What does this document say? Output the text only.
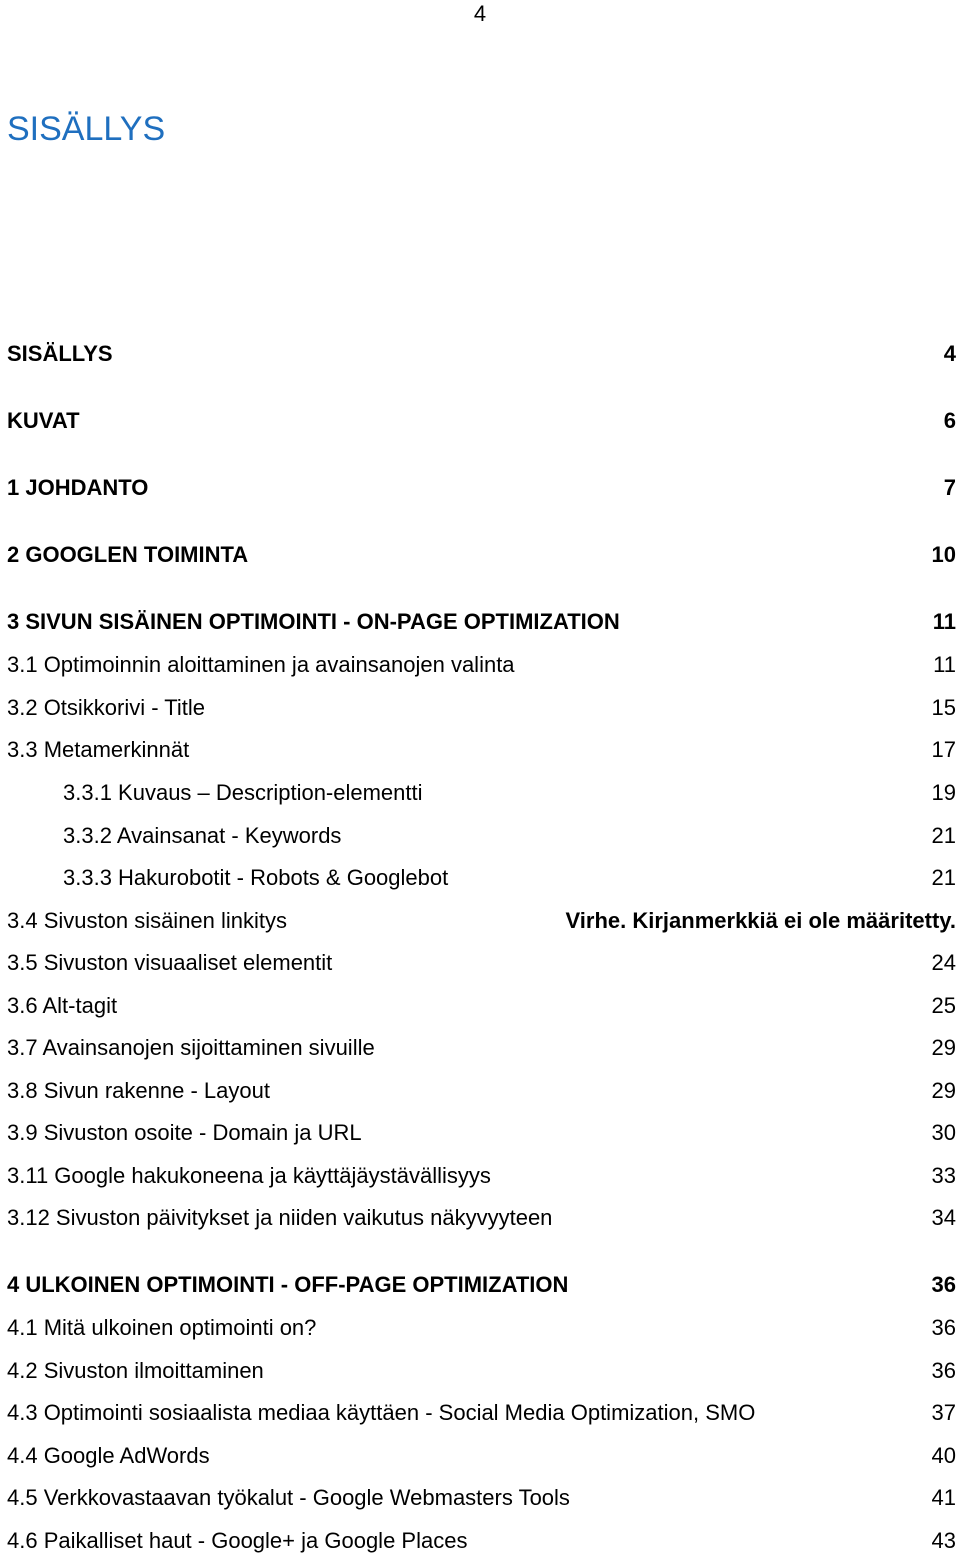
4
SISÄLLYS
SISÄLLYS	4
KUVAT	6
1 JOHDANTO	7
2 GOOGLEN TOIMINTA	10
3 SIVUN SISÄINEN OPTIMOINTI - ON-PAGE OPTIMIZATION	11
3.1 Optimoinnin aloittaminen ja avainsanojen valinta	11
3.2 Otsikkorivi - Title	15
3.3 Metamerkinnät	17
3.3.1 Kuvaus – Description-elementti	19
3.3.2 Avainsanat - Keywords	21
3.3.3 Hakurobotit - Robots & Googlebot	21
3.4 Sivuston sisäinen linkitys	Virhe. Kirjanmerkkiä ei ole määritetty.
3.5 Sivuston visuaaliset elementit	24
3.6 Alt-tagit	25
3.7 Avainsanojen sijoittaminen sivuille	29
3.8 Sivun rakenne - Layout	29
3.9 Sivuston osoite - Domain ja URL	30
3.11 Google hakukoneena ja käyttäjäystävällisyys	33
3.12 Sivuston päivitykset ja niiden vaikutus näkyvyyteen	34
4 ULKOINEN OPTIMOINTI - OFF-PAGE OPTIMIZATION	36
4.1 Mitä ulkoinen optimointi on?	36
4.2 Sivuston ilmoittaminen	36
4.3 Optimointi sosiaalista mediaa käyttäen - Social Media Optimization, SMO	37
4.4 Google AdWords	40
4.5 Verkkovastaavan työkalut - Google Webmasters Tools	41
4.6 Paikalliset haut - Google+ ja Google Places	43
